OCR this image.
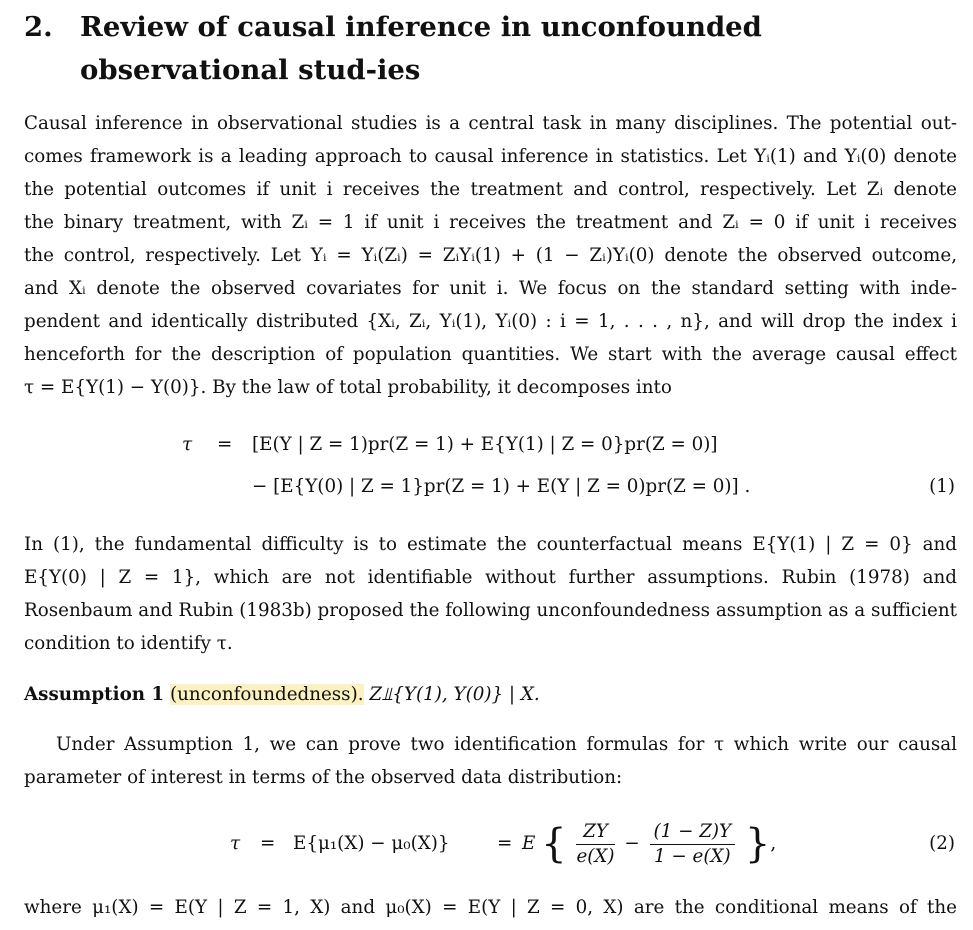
2. Review of causal inference in unconfounded observational stud-ies
Causal inference in observational studies is a central task in many disciplines. The potential out-
comes framework is a leading approach to causal inference in statistics. Let Yᵢ(1) and Yᵢ(0) denote
the potential outcomes if unit i receives the treatment and control, respectively. Let Zᵢ denote
the binary treatment, with Zᵢ = 1 if unit i receives the treatment and Zᵢ = 0 if unit i receives
the control, respectively. Let Yᵢ = Yᵢ(Zᵢ) = ZᵢYᵢ(1) + (1 − Zᵢ)Yᵢ(0) denote the observed outcome,
and Xᵢ denote the observed covariates for unit i. We focus on the standard setting with inde-
pendent and identically distributed {Xᵢ, Zᵢ, Yᵢ(1), Yᵢ(0) : i = 1, . . . , n}, and will drop the index i
henceforth for the description of population quantities. We start with the average causal effect
τ = E{Y(1) − Y(0)}. By the law of total probability, it decomposes into
τ = [E(Y | Z = 1)pr(Z = 1) + E{Y(1) | Z = 0}pr(Z = 0)]
− [E{Y(0) | Z = 1}pr(Z = 1) + E(Y | Z = 0)pr(Z = 0)] .	(1)
In (1), the fundamental difficulty is to estimate the counterfactual means E{Y(1) | Z = 0} and
E{Y(0) | Z = 1}, which are not identifiable without further assumptions. Rubin (1978) and
Rosenbaum and Rubin (1983b) proposed the following unconfoundedness assumption as a sufficient
condition to identify τ.
Assumption 1 (unconfoundedness). Z⫫{Y(1), Y(0)} | X.
Under Assumption 1, we can prove two identification formulas for τ which write our causal
parameter of interest in terms of the observed data distribution:
τ = E{μ₁(X) − μ₀(X)}	= E { $\frac{ZY}{e(X)} - \frac{(1 - Z)Y}{1 - e(X)}$ },	(2)
where μ₁(X) = E(Y | Z = 1, X) and μ₀(X) = E(Y | Z = 0, X) are the conditional means of the
